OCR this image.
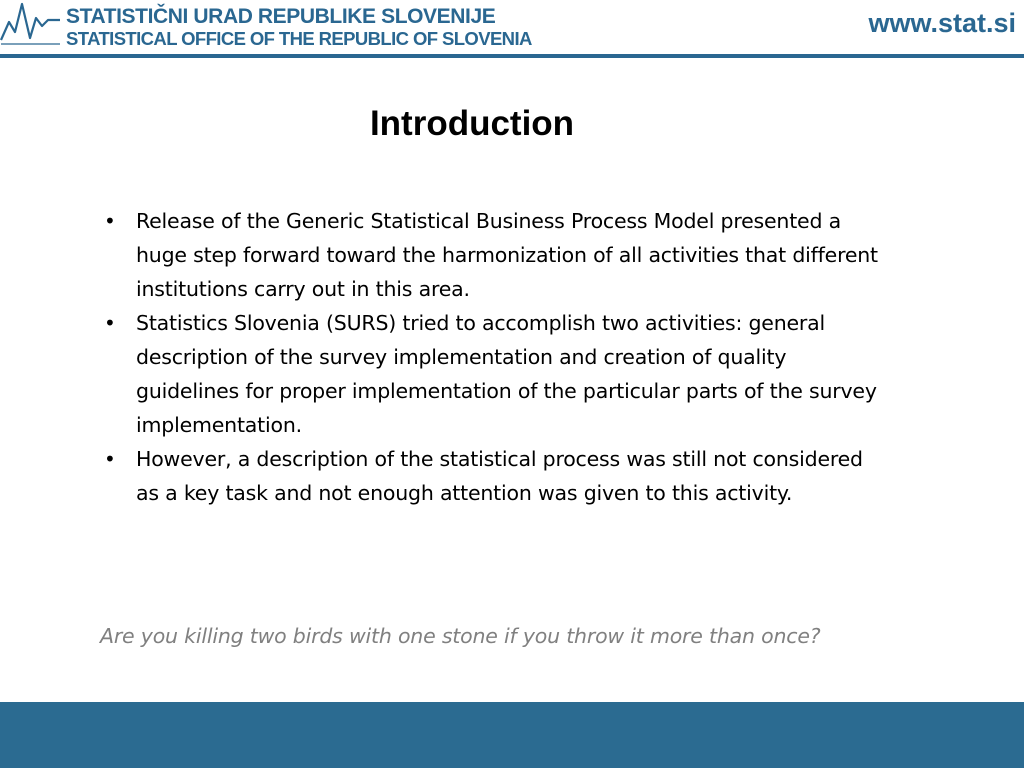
STATISTIČNI URAD REPUBLIKE SLOVENIJE
STATISTICAL OFFICE OF THE REPUBLIC OF SLOVENIA
www.stat.si
Introduction
• Release of the Generic Statistical Business Process Model presented a huge step forward toward the harmonization of all activities that different institutions carry out in this area.
• Statistics Slovenia (SURS) tried to accomplish two activities: general description of the survey implementation and creation of quality guidelines for proper implementation of the particular parts of the survey implementation.
• However, a description of the statistical process was still not considered as a key task and not enough attention was given to this activity.
Are you killing two birds with one stone if you throw it more than once?
